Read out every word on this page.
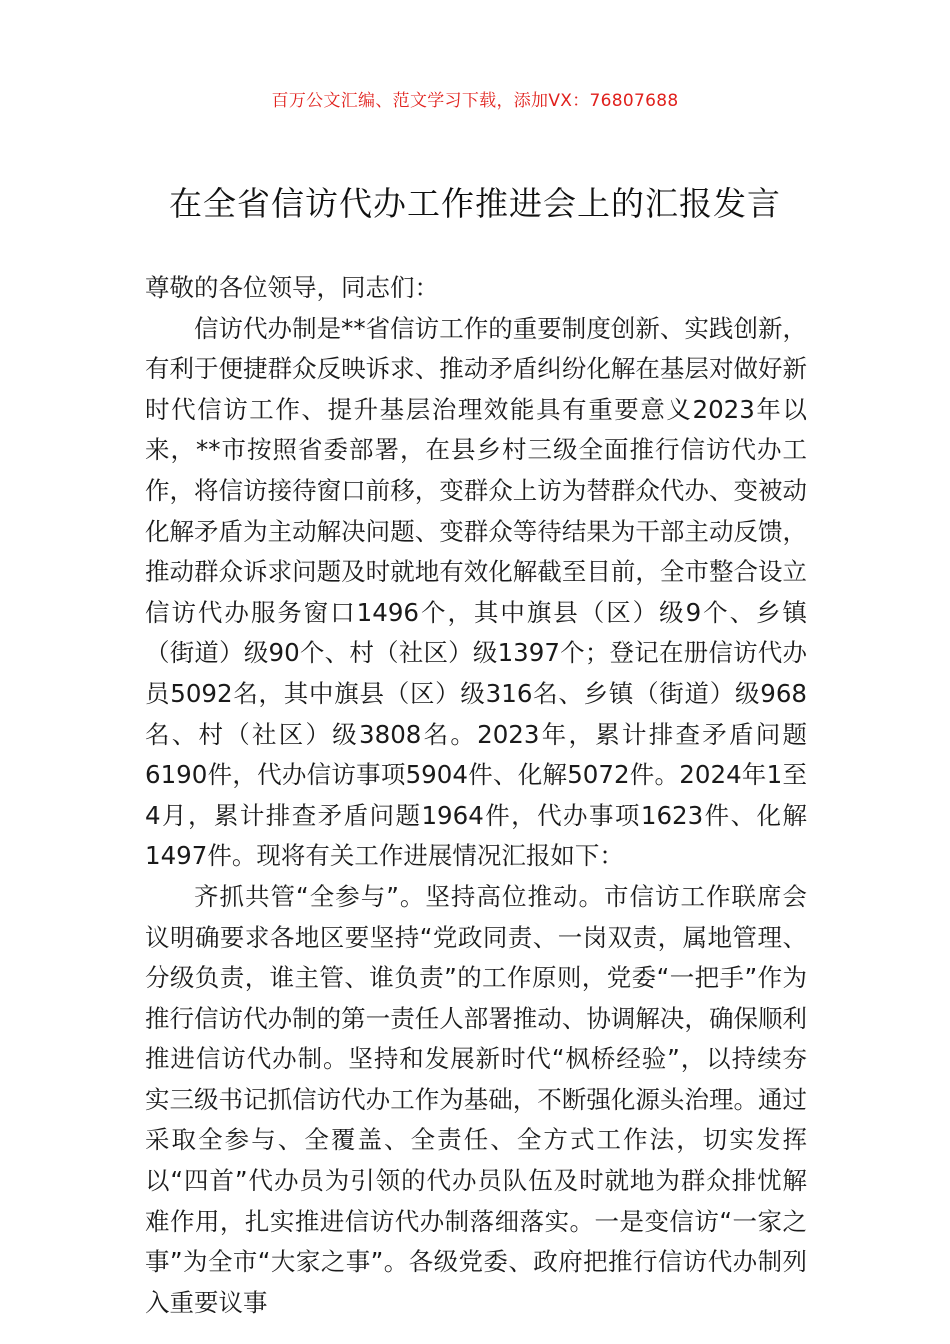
百万公文汇编、范文学习下载，添加VX：76807688
在全省信访代办工作推进会上的汇报发言

尊敬的各位领导，同志们：

信访代办制是**省信访工作的重要制度创新、实践创新，有利于便捷群众反映诉求、推动矛盾纠纷化解在基层对做好新时代信访工作、提升基层治理效能具有重要意义2023年以来，**市按照省委部署，在县乡村三级全面推行信访代办工作，将信访接待窗口前移，变群众上访为替群众代办、变被动化解矛盾为主动解决问题、变群众等待结果为干部主动反馈，推动群众诉求问题及时就地有效化解截至目前，全市整合设立信访代办服务窗口1496个，其中旗县（区）级9个、乡镇（街道）级90个、村（社区）级1397个；登记在册信访代办员5092名，其中旗县（区）级316名、乡镇（街道）级968名、村（社区）级3808名。2023年，累计排查矛盾问题6190件，代办信访事项5904件、化解5072件。2024年1至4月，累计排查矛盾问题1964件，代办事项1623件、化解1497件。现将有关工作进展情况汇报如下：

齐抓共管“全参与”。坚持高位推动。市信访工作联席会议明确要求各地区要坚持“党政同责、一岗双责，属地管理、分级负责，谁主管、谁负责”的工作原则，党委“一把手”作为推行信访代办制的第一责任人部署推动、协调解决，确保顺利推进信访代办制。坚持和发展新时代“枫桥经验”，以持续夯实三级书记抓信访代办工作为基础，不断强化源头治理。通过采取全参与、全覆盖、全责任、全方式工作法，切实发挥以“四首”代办员为引领的代办员队伍及时就地为群众排忧解难作用，扎实推进信访代办制落细落实。一是变信访“一家之事”为全市“大家之事”。各级党委、政府把推行信访代办制列入重要议事
